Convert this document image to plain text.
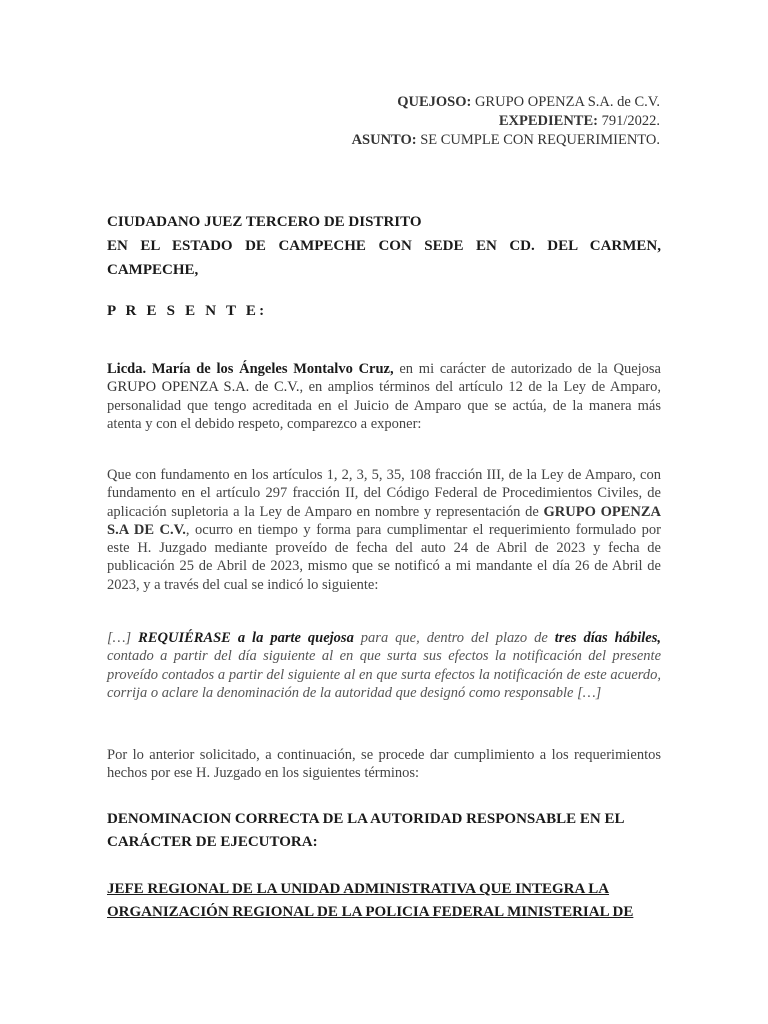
QUEJOSO: GRUPO OPENZA S.A. de C.V.
EXPEDIENTE: 791/2022.
ASUNTO: SE CUMPLE CON REQUERIMIENTO.
CIUDADANO JUEZ TERCERO DE DISTRITO
EN EL ESTADO DE CAMPECHE CON SEDE EN CD. DEL CARMEN,
CAMPECHE,
P R E S E N T E:
Licda. María de los Ángeles Montalvo Cruz, en mi carácter de autorizado de la Quejosa GRUPO OPENZA S.A. de C.V., en amplios términos del artículo 12 de la Ley de Amparo, personalidad que tengo acreditada en el Juicio de Amparo que se actúa, de la manera más atenta y con el debido respeto, comparezco a exponer:
Que con fundamento en los artículos 1, 2, 3, 5, 35, 108 fracción III, de la Ley de Amparo, con fundamento en el artículo 297 fracción II, del Código Federal de Procedimientos Civiles, de aplicación supletoria a la Ley de Amparo en nombre y representación de GRUPO OPENZA S.A DE C.V., ocurro en tiempo y forma para cumplimentar el requerimiento formulado por este H. Juzgado mediante proveído de fecha del auto 24 de Abril de 2023 y fecha de publicación 25 de Abril de 2023, mismo que se notificó a mi mandante el día 26 de Abril de 2023, y a través del cual se indicó lo siguiente:
[…] REQUIÉRASE a la parte quejosa para que, dentro del plazo de tres días hábiles, contado a partir del día siguiente al en que surta sus efectos la notificación del presente proveído contados a partir del siguiente al en que surta efectos la notificación de este acuerdo, corrija o aclare la denominación de la autoridad que designó como responsable […]
Por lo anterior solicitado, a continuación, se procede dar cumplimiento a los requerimientos hechos por ese H. Juzgado en los siguientes términos:
DENOMINACION CORRECTA DE LA AUTORIDAD RESPONSABLE EN EL CARÁCTER DE EJECUTORA:
JEFE REGIONAL DE LA UNIDAD ADMINISTRATIVA QUE INTEGRA LA ORGANIZACIÓN REGIONAL DE LA POLICIA FEDERAL MINISTERIAL DE
